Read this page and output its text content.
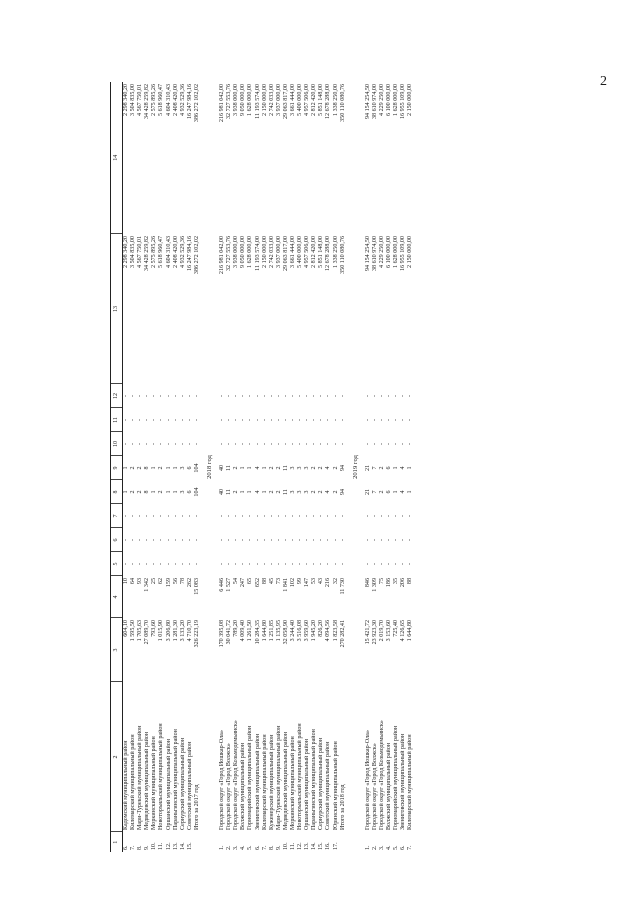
2
1	2	3	4	5	6	7	8	9	10	11	12	13	14
6.	Кадомский муниципальный район	604,10	10	-	-	-	1	1	-	-	-	2 298 340,20	2 298 340,20
7.	Килемарский муниципальный район	1 595,50	64	-	-	-	2	2	-	-	-	3 504 835,00	3 504 835,00
8.	Мари-Турекский муниципальный район	1 705,63	93	-	-	-	2	2	-	-	-	4 567 750,01	4 567 750,01
9.	Медведевский муниципальный район	27 089,70	1 342	-	-	-	8	8	-	-	-	34 428 259,82	34 428 259,82
10.	Моркинский муниципальный район	793,60	25	-	-	-	1	1	-	-	-	2 575 895,26	2 575 895,26
11.	Новоторъяльский муниципальный район	1 015,90	62	-	-	-	2	2	-	-	-	5 618 960,47	5 618 960,47
12.	Оршанский муниципальный район	3 206,80	159	-	-	-	1	1	-	-	-	4 604 310,43	4 604 310,43
13.	Параньгинский муниципальный район	1 281,30	56	-	-	-	1	1	-	-	-	2 408 420,00	2 408 420,00
14.	Сернурский муниципальный район	3 133,20	78	-	-	-	3	3	-	-	-	4 932 529,36	4 932 529,36
15.	Советский муниципальный район	4 710,70	262	-	-	-	6	6	-	-	-	16 247 984,16	16 247 984,16
	Итого за 2017 год	326 223,19	15 083	-	-	-	104	104	-	-	-	386 272 102,02	386 272 102,02
2018 год													
1.	Городской округ «Город Йошкар-Ола»	170 395,08	6 446	-	-	-	40	40	-	-	-	216 981 042,00	216 981 042,00
2.	Городской округ «Город Волжск»	30 041,72	1 527	-	-	-	11	11	-	-	-	32 727 553,76	32 727 553,76
3.	Городской округ «Город Козьмодемьянск»	789,20	54	-	-	-	2	2	-	-	-	3 938 000,00	3 938 000,00
4.	Волжский муниципальный район	4 009,40	247	-	-	-	1	1	-	-	-	9 050 000,00	9 050 000,00
5.	Горномарийский муниципальный район	1 261,50	65	-	-	-	1	1	-	-	-	1 628 000,00	1 628 000,00
6.	Звениговский муниципальный район	10 284,35	652	-	-	-	4	4	-	-	-	11 193 574,00	11 193 574,00
7.	Килемарский муниципальный район	1 644,80	88	-	-	-	1	1	-	-	-	2 150 000,00	2 150 000,00
8.	Куженерский муниципальный район	1 251,85	45	-	-	-	2	2	-	-	-	2 742 033,00	2 742 033,00
9.	Мари-Турекский муниципальный район	1 135,95	73	-	-	-	2	2	-	-	-	3 937 000,00	3 937 000,00
10.	Медведевский муниципальный район	32 058,90	1 841	-	-	-	11	11	-	-	-	29 063 817,00	29 063 817,00
11.	Моркинский муниципальный район	3 244,40	102	-	-	-	3	3	-	-	-	3 661 444,00	3 661 444,00
12.	Новоторъяльский муниципальный район	3 516,08	99	-	-	-	3	3	-	-	-	5 400 000,00	5 400 000,00
13.	Оршанский муниципальный район	3 959,60	147	-	-	-	3	3	-	-	-	4 957 506,00	4 957 506,00
14.	Параньгинский муниципальный район	1 945,20	53	-	-	-	2	2	-	-	-	2 812 420,00	2 812 420,00
15.	Сернурский муниципальный район	826,20	43	-	-	-	2	2	-	-	-	5 851 148,00	5 851 148,00
16.	Советский муниципальный район	4 094,56	216	-	-	-	4	4	-	-	-	12 678 288,00	12 678 288,00
17.	Юринский муниципальный район	1 823,58	32	-	-	-	2	2	-	-	-	1 338 250,00	1 338 250,00
	Итого за 2018 год	270 282,41	11 730	-	-	-	94	94	-	-	-	350 110 080,76	350 110 080,76
2019 год													
1.	Городской округ «Город Йошкар-Ола»	15 421,72	846	-	-	-	21	21	-	-	-	94 154 254,50	94 154 254,50
2.	Городской округ «Город Волжск»	23 923,30	1 309	-	-	-	7	7	-	-	-	38 610 974,00	38 610 974,00
3.	Городской округ «Город Козьмодемьянск»	2 019,70	75	-	-	-	2	2	-	-	-	4 229 250,00	4 229 250,00
4.	Волжский муниципальный район	3 153,60	186	-	-	-	6	6	-	-	-	6 100 000,00	6 100 000,00
5.	Горномарийский муниципальный район	725,40	35	-	-	-	1	1	-	-	-	1 628 000,00	1 628 000,00
6.	Звениговский муниципальный район	4 126,65	206	-	-	-	4	4	-	-	-	16 955 109,00	16 955 109,00
7.	Килемарский муниципальный район	1 644,80	88	-	-	-	1	1	-	-	-	2 150 000,00	2 150 000,00
